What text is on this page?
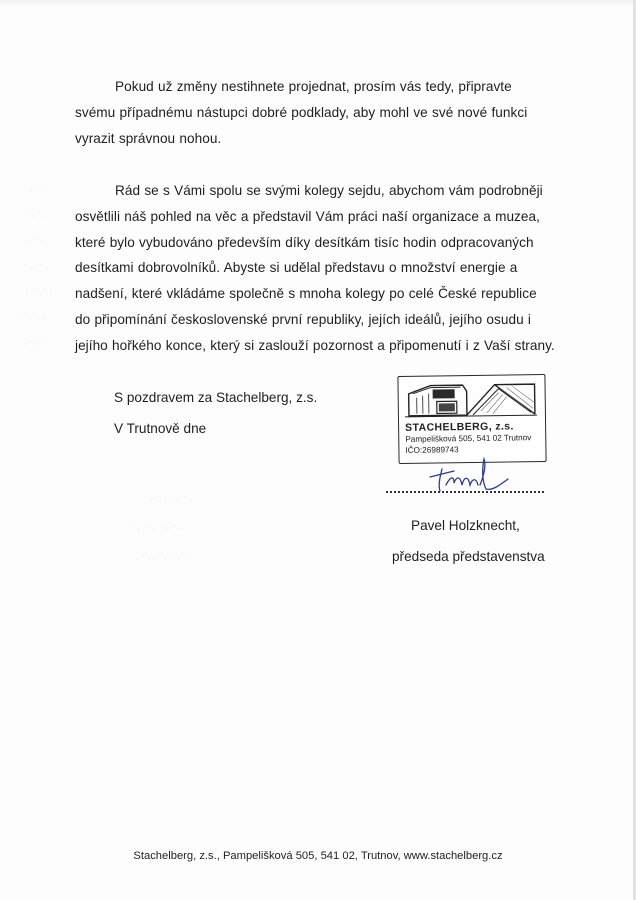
· ˙ ·
˙ · ˙ ·
· ˙ ·
˙ ·· ˙ ·
· ˙ ·˙ ·
˙ · ˙· ·
· ˙·· ˙
· ˙ · ˙ · ˙ ·
˙ · ˙ ·· ˙ · ˙ ·
· ˙ · ·˙ · ˙ · ˙

Pokud už změny nestihnete projednat, prosím vás tedy, připravte svému případnému nástupci dobré podklady, aby mohl ve své nové funkci vyrazit správnou nohou.

Rád se s Vámi spolu se svými kolegy sejdu, abychom vám podrobněji osvětlili náš pohled na věc a představil Vám práci naší organizace a muzea, které bylo vybudováno především díky desítkám tisíc hodin odpracovaných desítkami dobrovolníků. Abyste si udělal představu o množství energie a nadšení, které vkládáme společně s mnoha kolegy po celé České republice do připomínání československé první republiky, jejích ideálů, jejího osudu i jejího hořkého konce, který si zaslouží pozornost a připomenutí i z Vaší strany.

S pozdravem za Stachelberg, z.s.

V Trutnově dne	STACHELBERG, z.s.
Pampelišková 505, 541 02 Trutnov
IČO:26989743

Pavel Holzknecht,

předseda představenstva

Stachelberg, z.s., Pampelišková 505, 541 02, Trutnov, www.stachelberg.cz
